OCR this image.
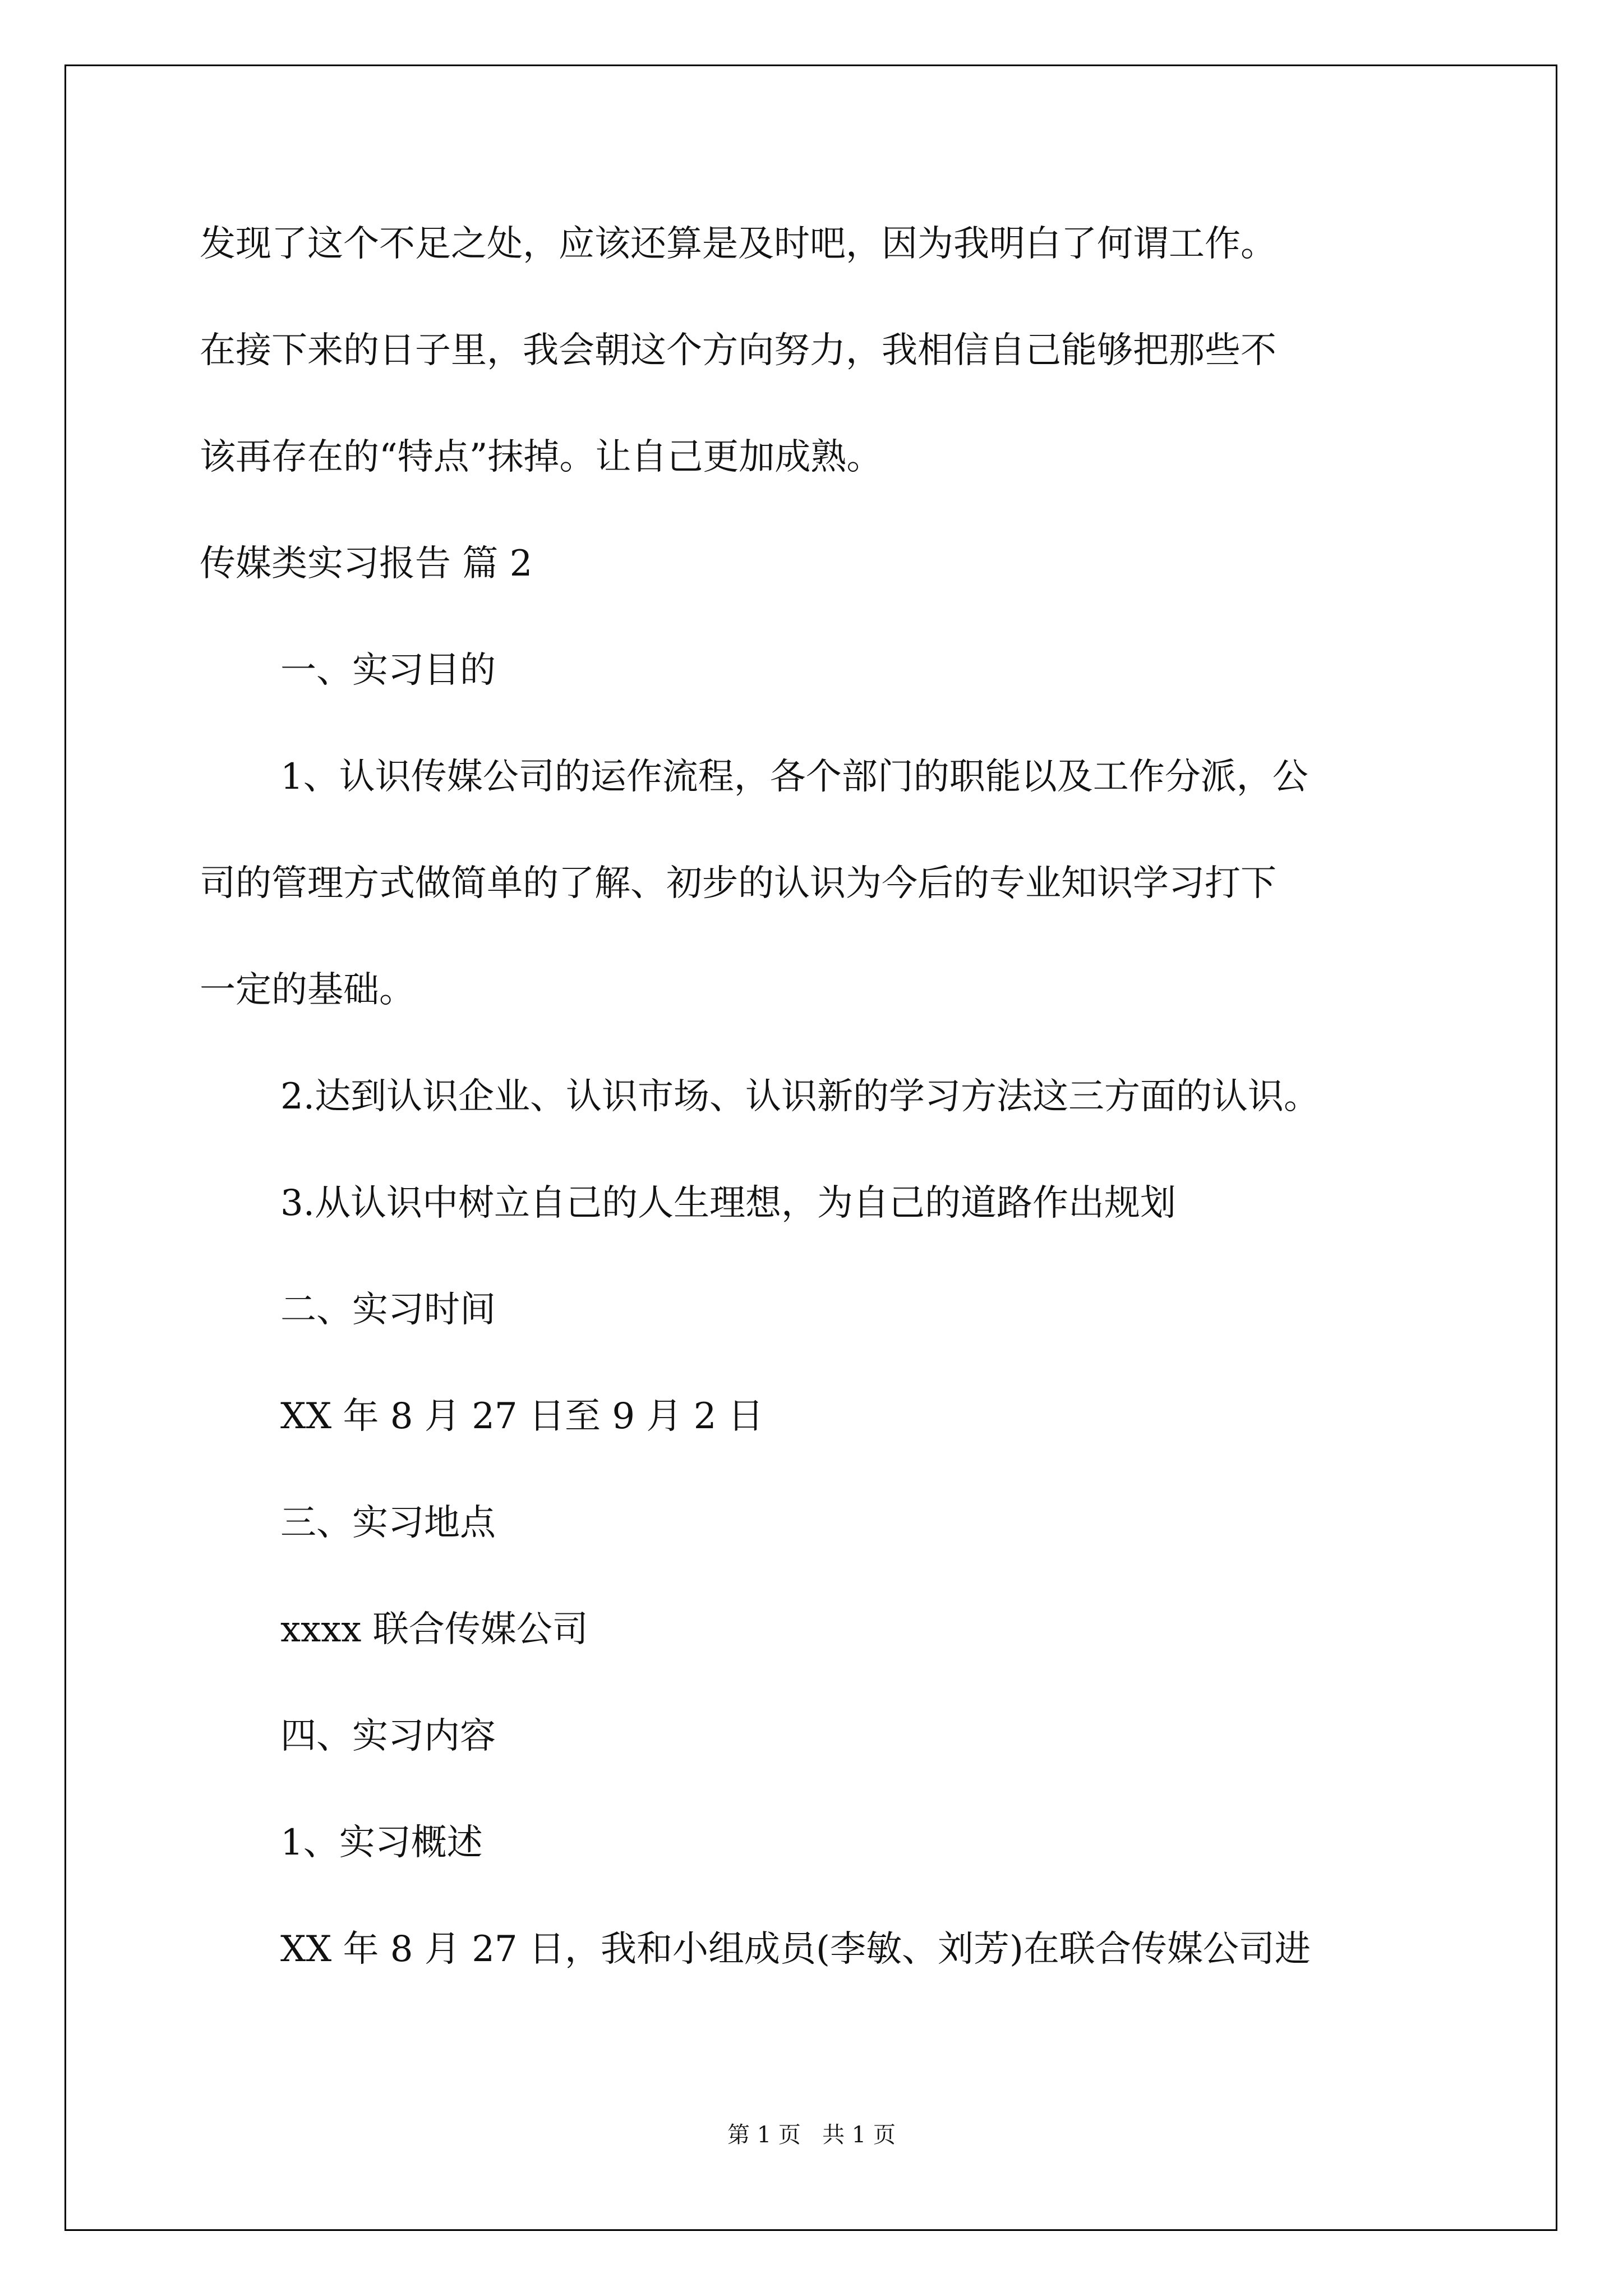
发现了这个不足之处，应该还算是及时吧，因为我明白了何谓工作。
在接下来的日子里，我会朝这个方向努力，我相信自己能够把那些不
该再存在的“特点”抹掉。让自己更加成熟。
传媒类实习报告 篇 2
一、实习目的
1、认识传媒公司的运作流程，各个部门的职能以及工作分派，公
司的管理方式做简单的了解、初步的认识为今后的专业知识学习打下
一定的基础。
2.达到认识企业、认识市场、认识新的学习方法这三方面的认识。
3.从认识中树立自己的人生理想，为自己的道路作出规划
二、实习时间
XX 年 8 月 27 日至 9 月 2 日
三、实习地点
xxxx 联合传媒公司
四、实习内容
1、实习概述
XX 年 8 月 27 日，我和小组成员(李敏、刘芳)在联合传媒公司进
第 1 页   共 1 页
